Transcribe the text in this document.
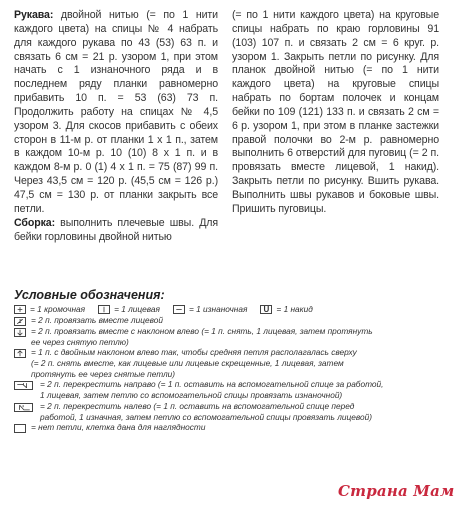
Рукава: двойной нитью (= по 1 нити каждого цвета) на спицы № 4 набрать для каждого рукава по 43 (53) 63 п. и связать 6 см = 21 р. узором 1, при этом начать с 1 изнаночного ряда и в последнем ряду планки равномерно прибавить 10 п. = 53 (63) 73 п. Продолжить работу на спицах № 4,5 узором 3. Для скосов прибавить с обеих сторон в 11-м р. от планки 1 х 1 п., затем в каждом 10-м р. 10 (10) 8 х 1 п. и в каждом 8-м р. 0 (1) 4 х 1 п. = 75 (87) 99 п. Через 43,5 см = 120 р. (45,5 см = 126 р.) 47,5 см = 130 р. от планки закрыть все петли.

Сборка: выполнить плечевые швы. Для бейки горловины двойной нитью

(= по 1 нити каждого цвета) на круговые спицы набрать по краю горловины 91 (103) 107 п. и связать 2 см = 6 круг. р. узором 1. Закрыть петли по рисунку. Для планок двойной нитью (= по 1 нити каждого цвета) на круговые спицы набрать по бортам полочек и концам бейки по 109 (121) 133 п. и связать 2 см = 6 р. узором 1, при этом в планке застежки правой полочки во 2-м р. равномерно выполнить 6 отверстий для пуговиц (= 2 п. провязать вместе лицевой, 1 накид). Закрыть петли по рисунку. Вшить рукава. Выполнить швы рукавов и боковые швы. Пришить пуговицы.

Условные обозначения:
= 1 кромочная	= 1 лицевая	= 1 изнаночная	U = 1 накид
= 2 п. провязать вместе лицевой
= 2 п. провязать вместе с наклоном влево (= 1 п. снять, 1 лицевая, затем протянуть
ее через снятую петлю)
= 1 п. с двойным наклоном влево так, чтобы средняя петля располагалась сверху
(= 2 п. снять вместе, как лицевые или лицевые скрещенные, 1 лицевая, затем
протянуть ее через снятые петли)
= 2 п. перекрестить направо (= 1 п. оставить на вспомогательной спице за работой,
1 лицевая, затем петлю со вспомогательной спицы провязать изнаночной)
= 2 п. перекрестить налево (= 1 п. оставить на вспомогательной спице перед
работой, 1 изначная, затем петлю со вспомогательной спицы провязать лицевой)
= нет петли, клетка дана для наглядности
Страна Мам
